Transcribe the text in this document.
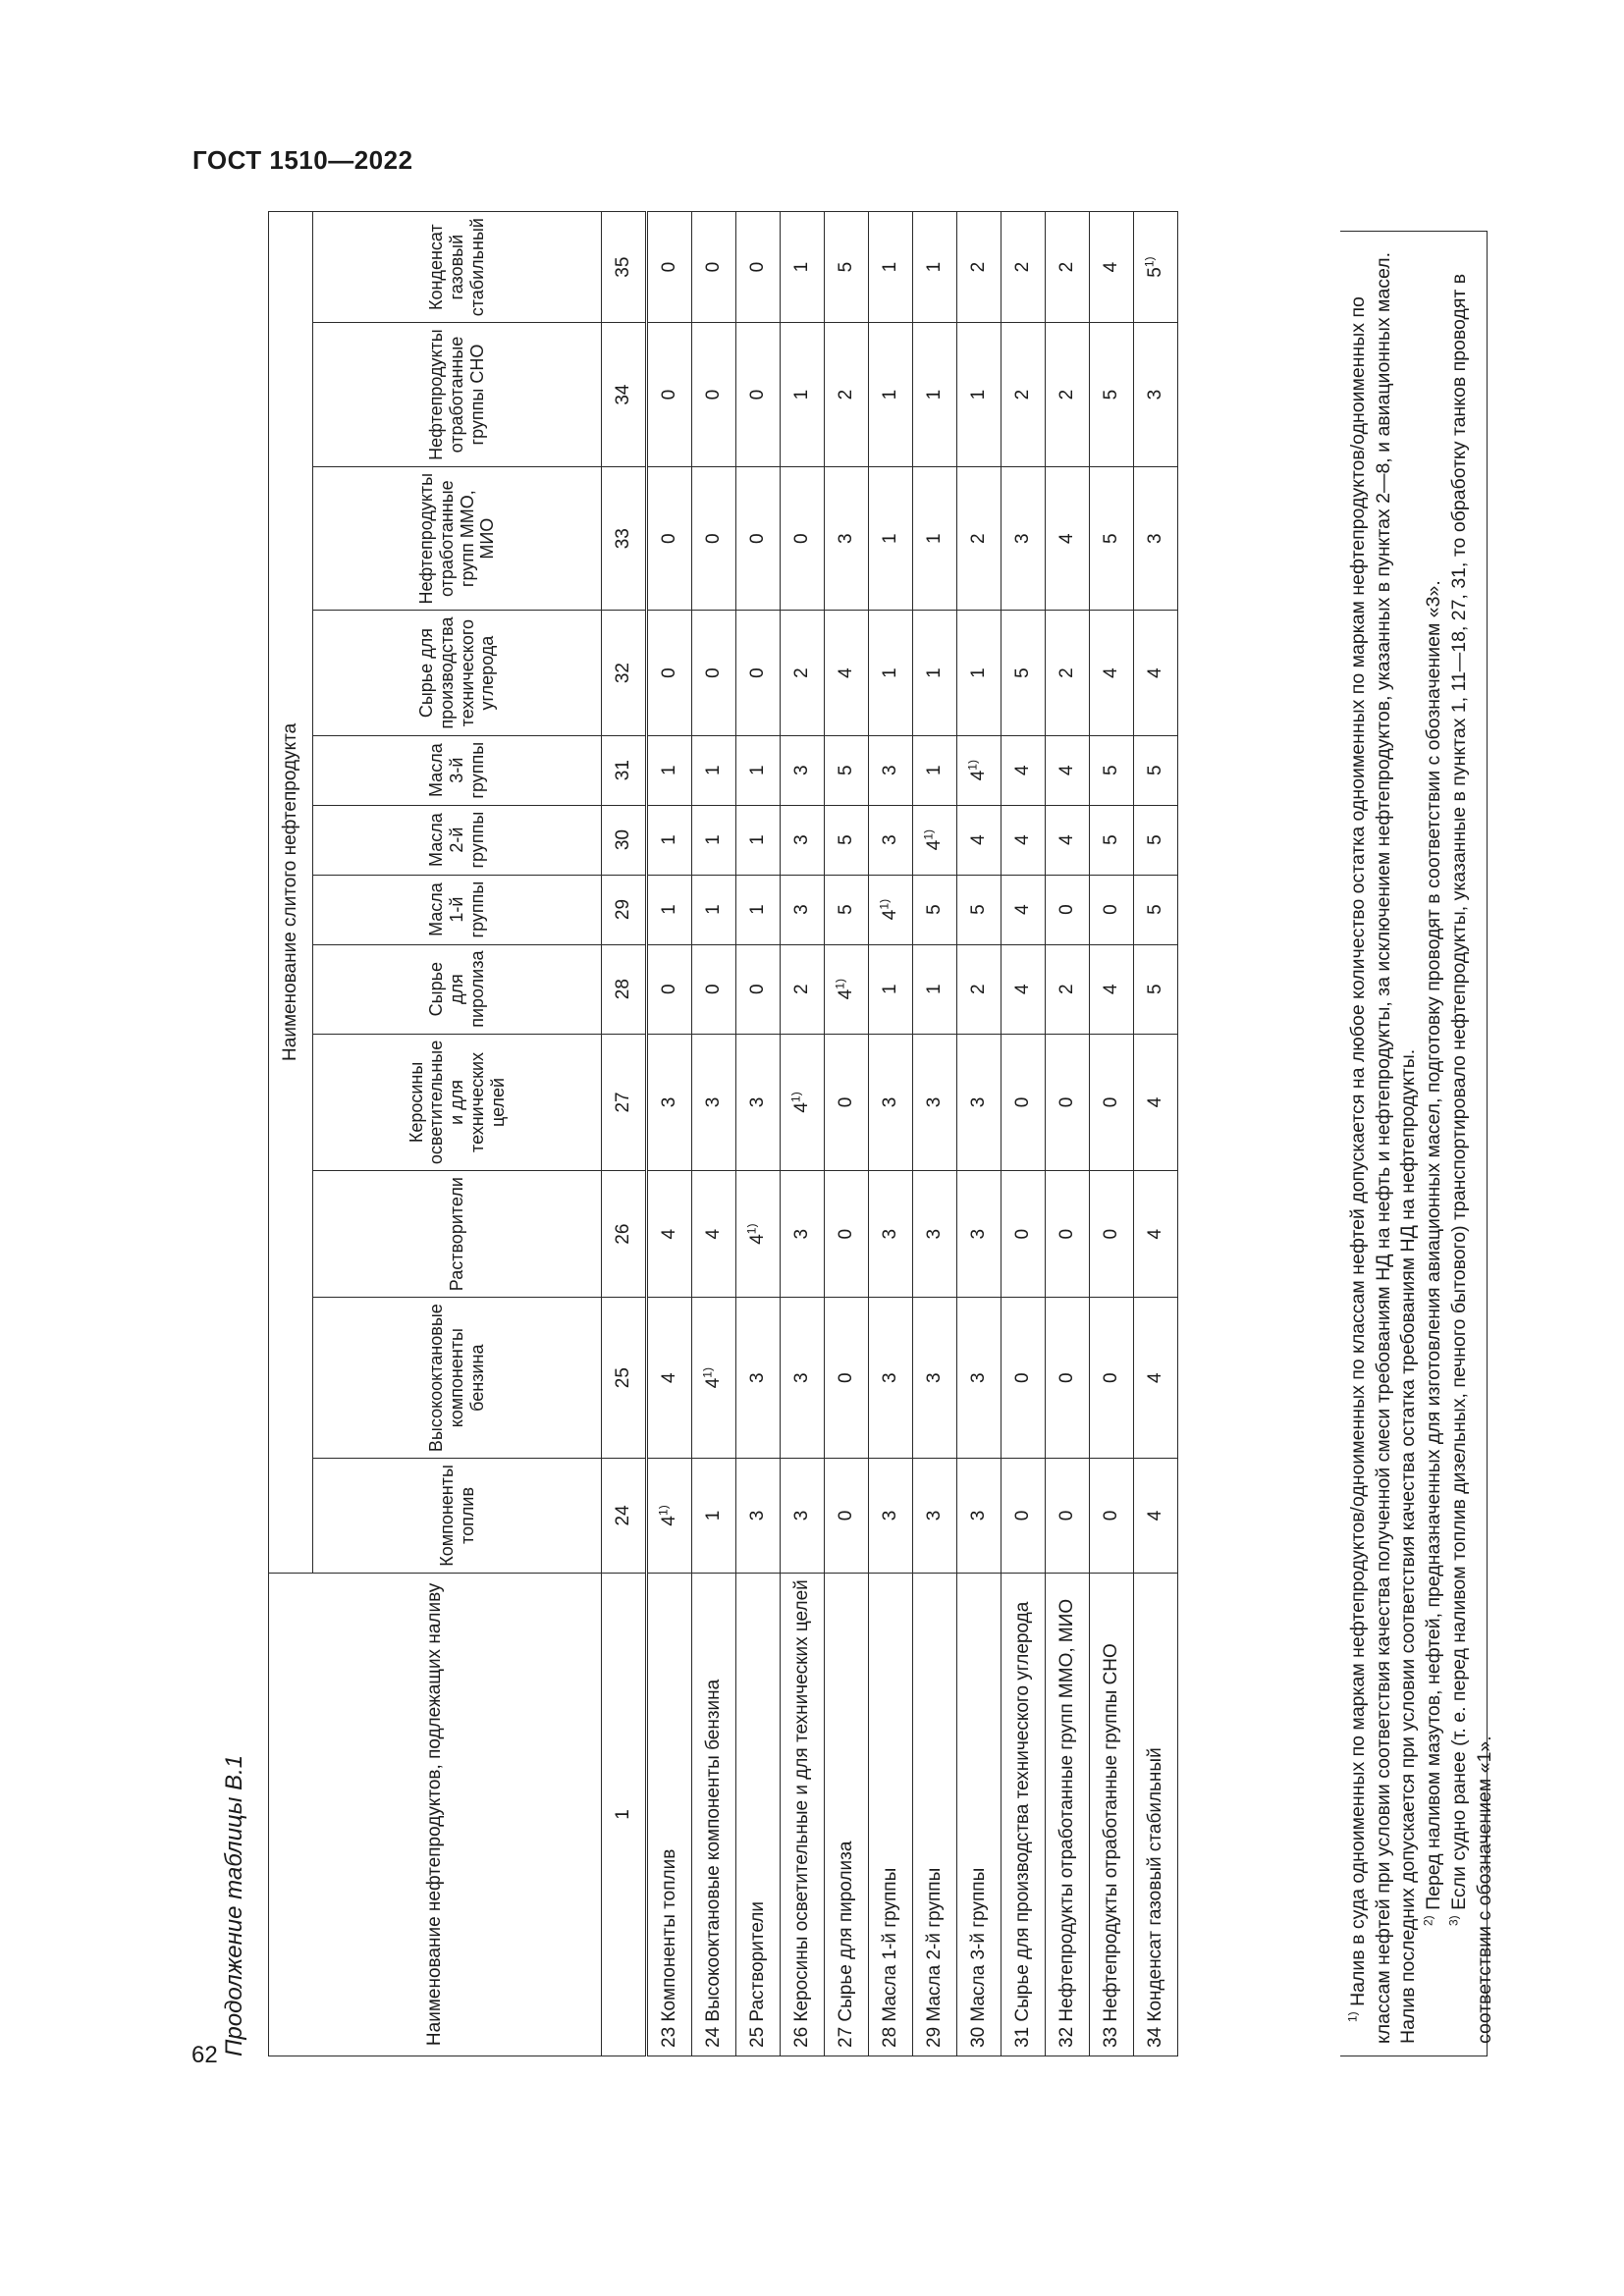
ГОСТ 1510—2022
62 Продолжение таблицы В.1	Наименование нефтепродуктов, подлежащих наливу	Наименование слитого нефтепродукта											
	Компоненты топлив	Высокооктановые компоненты бензина	Растворители	Керосины осветительные и для технических целей	Сырье для пиролиза	Масла 1-й группы	Масла 2-й группы	Масла 3-й группы	Сырье для производства технического углерода	Нефтепродукты отработанные групп ММО, МИО	Нефтепродукты отработанные группы СНО	Конденсат газовый стабильный
1	24	25	26	27	28	29	30	31	32	33	34	35
23 Компоненты топлив	4$^{1)}$	4	4	3	0	1	1	1	0	0	0	0
24 Высокооктановые компоненты бензина	1	4$^{1)}$	4	3	0	1	1	1	0	0	0	0
25 Растворители	3	3	4$^{1)}$	3	0	1	1	1	0	0	0	0
26 Керосины осветительные и для технических целей	3	3	3	4$^{1)}$	2	3	3	3	2	0	1	1
27 Сырье для пиролиза	0	0	0	0	4$^{1)}$	5	5	5	4	3	2	5
28 Масла 1-й группы	3	3	3	3	1	4$^{1)}$	3	3	1	1	1	1
29 Масла 2-й группы	3	3	3	3	1	5	4$^{1)}$	1	1	1	1	1
30 Масла 3-й группы	3	3	3	3	2	5	4	4$^{1)}$	1	2	1	2
31 Сырье для производства технического углерода	0	0	0	0	4	4	4	4	5	3	2	2
32 Нефтепродукты отработанные групп ММО, МИО	0	0	0	0	2	0	4	4	2	4	2	2
33 Нефтепродукты отработанные группы СНО	0	0	0	0	4	0	5	5	4	5	5	4
34 Конденсат газовый стабильный	4	4	4	4	5	5	5	5	4	3	3	5$^{1)}$

$^{1)}$ Налив в суда одноименных по маркам нефтепродуктов/одноименных по классам нефтей допускается на любое количество остатка одноименных по маркам нефтепродуктов/одноименных по классам нефтей при условии соответствия качества полученной смеси требованиям НД на нефть и нефтепродукты, за исключением нефтепродуктов, указанных в пунктах 2—8, и авиационных масел. Налив последних допускается при условии соответствия качества остатка требованиям НД на нефтепродукты. $^{2)}$ Перед наливом мазутов, нефтей, предназначенных для изготовления авиационных масел, подготовку проводят в соответствии с обозначением «3».

$^{3)}$ Если судно ранее (т. е. перед наливом топлив дизельных, печного бытового) транспортировало нефтепродукты, указанные в пунктах 1, 11—18, 27, 31, то обработку танков проводят в соответствии с обозначением «1».
